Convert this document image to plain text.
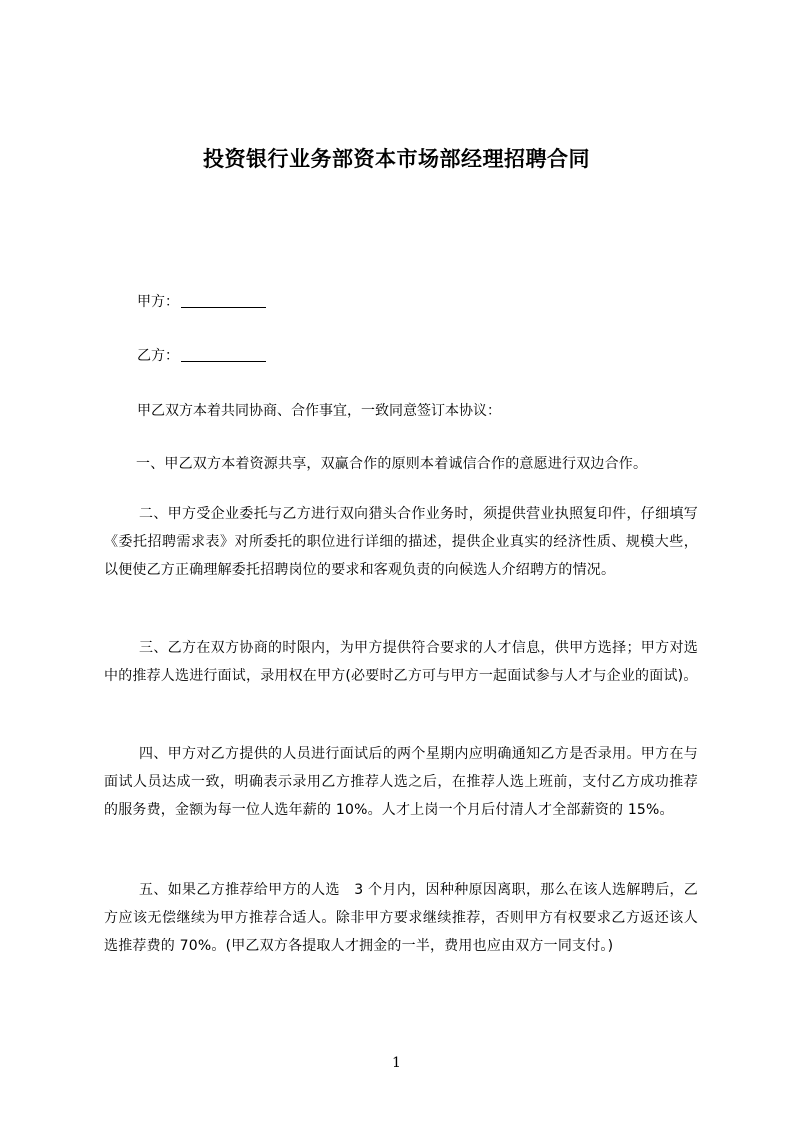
投资银行业务部资本市场部经理招聘合同
甲方：
乙方：
甲乙双方本着共同协商、合作事宜，一致同意签订本协议：
一、甲乙双方本着资源共享，双赢合作的原则本着诚信合作的意愿进行双边合作。
二、甲方受企业委托与乙方进行双向猎头合作业务时，须提供营业执照复印件，仔细填写《委托招聘需求表》对所委托的职位进行详细的描述，提供企业真实的经济性质、规模大些，以便使乙方正确理解委托招聘岗位的要求和客观负责的向候选人介绍聘方的情况。
三、乙方在双方协商的时限内，为甲方提供符合要求的人才信息，供甲方选择；甲方对选中的推荐人选进行面试，录用权在甲方(必要时乙方可与甲方一起面试参与人才与企业的面试)。
四、甲方对乙方提供的人员进行面试后的两个星期内应明确通知乙方是否录用。甲方在与面试人员达成一致，明确表示录用乙方推荐人选之后，在推荐人选上班前，支付乙方成功推荐的服务费，金额为每一位人选年薪的 10%。人才上岗一个月后付清人才全部薪资的 15%。
五、如果乙方推荐给甲方的人选　3 个月内，因种种原因离职，那么在该人选解聘后，乙方应该无偿继续为甲方推荐合适人。除非甲方要求继续推荐，否则甲方有权要求乙方返还该人选推荐费的 70%。(甲乙双方各提取人才拥金的一半，费用也应由双方一同支付。)
1
